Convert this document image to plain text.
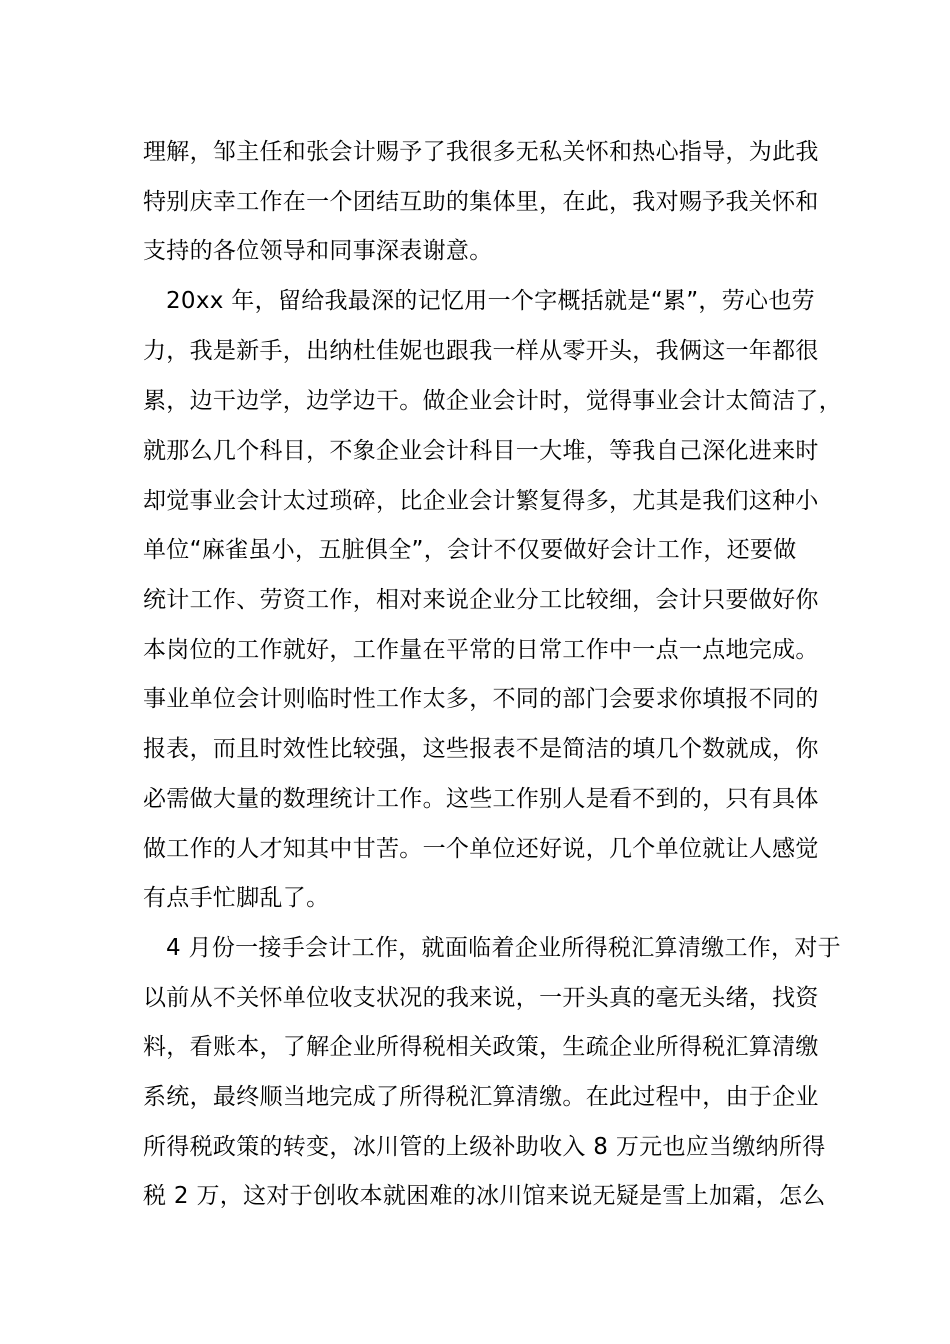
理解，邹主任和张会计赐予了我很多无私关怀和热心指导，为此我
特别庆幸工作在一个团结互助的集体里，在此，我对赐予我关怀和
支持的各位领导和同事深表谢意。
20xx 年，留给我最深的记忆用一个字概括就是“累”，劳心也劳
力，我是新手，出纳杜佳妮也跟我一样从零开头，我俩这一年都很
累，边干边学，边学边干。做企业会计时，觉得事业会计太简洁了，
就那么几个科目，不象企业会计科目一大堆，等我自己深化进来时
却觉事业会计太过琐碎，比企业会计繁复得多，尤其是我们这种小
单位“麻雀虽小，五脏俱全”，会计不仅要做好会计工作，还要做
统计工作、劳资工作，相对来说企业分工比较细，会计只要做好你
本岗位的工作就好，工作量在平常的日常工作中一点一点地完成。
事业单位会计则临时性工作太多，不同的部门会要求你填报不同的
报表，而且时效性比较强，这些报表不是简洁的填几个数就成，你
必需做大量的数理统计工作。这些工作别人是看不到的，只有具体
做工作的人才知其中甘苦。一个单位还好说，几个单位就让人感觉
有点手忙脚乱了。
4 月份一接手会计工作，就面临着企业所得税汇算清缴工作，对于
以前从不关怀单位收支状况的我来说，一开头真的毫无头绪，找资
料，看账本，了解企业所得税相关政策，生疏企业所得税汇算清缴
系统，最终顺当地完成了所得税汇算清缴。在此过程中，由于企业
所得税政策的转变，冰川管的上级补助收入 8 万元也应当缴纳所得
税 2 万，这对于创收本就困难的冰川馆来说无疑是雪上加霜，怎么
